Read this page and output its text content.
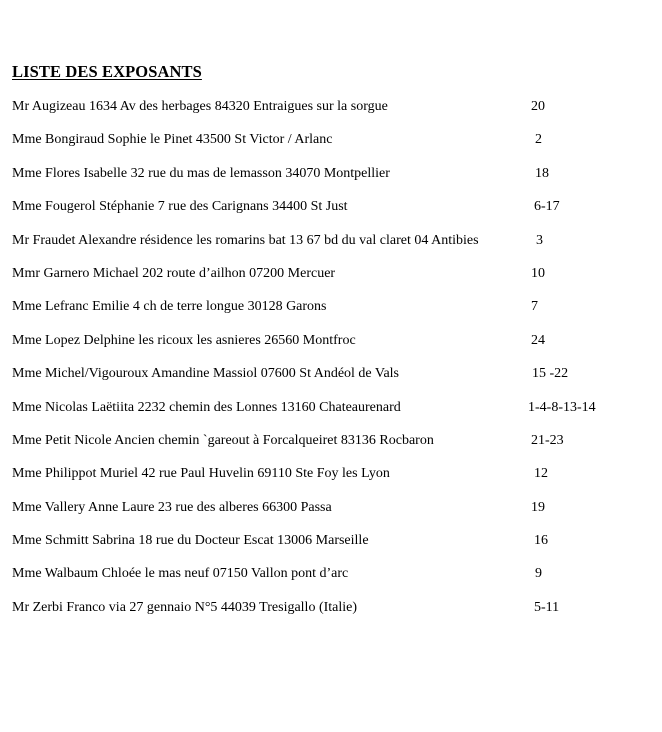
LISTE DES EXPOSANTS
Mr Augizeau 1634 Av des herbages 84320 Entraigues sur la sorgue	20
Mme Bongiraud Sophie le Pinet 43500 St Victor / Arlanc	2
Mme Flores Isabelle 32 rue du mas de lemasson 34070 Montpellier	18
Mme Fougerol Stéphanie 7 rue des Carignans 34400 St Just	6-17
Mr Fraudet Alexandre résidence les romarins bat 13 67 bd du val claret 04 Antibies	3
Mmr Garnero Michael 202 route d’ailhon 07200 Mercuer	10
Mme Lefranc Emilie 4 ch de terre longue 30128 Garons	7
Mme Lopez Delphine les ricoux les asnieres 26560 Montfroc	24
Mme Michel/Vigouroux Amandine Massiol 07600 St Andéol de Vals	15 -22
Mme Nicolas Laëtiita 2232 chemin des Lonnes 13160 Chateaurenard	1-4-8-13-14
Mme Petit Nicole Ancien chemin `gareout à Forcalqueiret 83136 Rocbaron	21-23
Mme Philippot Muriel 42 rue Paul Huvelin 69110 Ste Foy les Lyon	12
Mme Vallery Anne Laure 23 rue des alberes 66300 Passa	19
Mme Schmitt Sabrina 18 rue du Docteur Escat 13006 Marseille	16
Mme Walbaum Chloée le mas neuf 07150 Vallon pont d’arc	9
Mr Zerbi Franco via 27 gennaio N°5 44039 Tresigallo (Italie)	5-11
